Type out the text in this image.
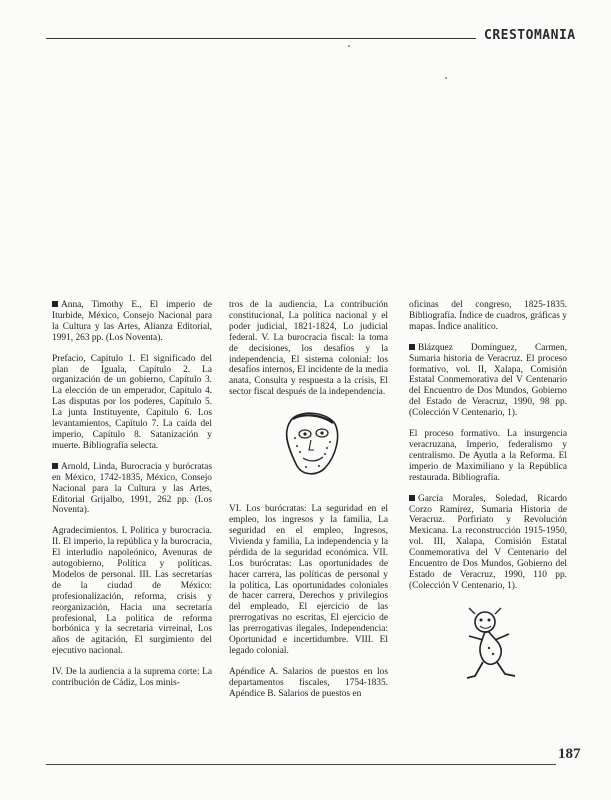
CRESTOMANIA

Anna, Timothy E., El imperio de Iturbide, México, Consejo Nacional para la Cultura y las Artes, Alianza Editorial, 1991, 263 pp. (Los Noventa).

Prefacio, Capítulo 1. El significado del plan de Iguala, Capítulo 2. La organización de un gobierno, Capítulo 3. La elección de un emperador, Capítulo 4. Las disputas por los poderes, Capítulo 5. La junta Instituyente, Capítulo 6. Los levantamientos, Capítulo 7. La caída del imperio, Capítulo 8. Satanización y muerte. Bibliografía selecta.

Arnold, Linda, Burocracia y burócratas en México, 1742-1835, México, Consejo Nacional para la Cultura y las Artes, Editorial Grijalbo, 1991, 262 pp. (Los Noventa).

Agradecimientos. I. Política y burocracia. II. El imperio, la república y la burocracia, El interludio napoleónico, Avenuras de autogobierno, Política y políticas. Modelos de personal. III. Las secretarías de la ciudad de México: profesionalización, reforma, crisis y reorganización, Hacia una secretaría profesional, La política de reforma borbónica y la secretaría virreinal, Los años de agitación, El surgimiento del ejecutivo nacional.

IV. De la audiencia a la suprema corte: La contribución de Cádiz, Los minis-

tros de la audiencia, La contribución constitucional, La política nacional y el poder judicial, 1821-1824, Lo judicial federal. V. La burocracia fiscal: la toma de decisiones, los desafíos y la independencia, El sistema colonial: los desafíos internos, El incidente de la media anata, Consulta y respuesta a la crisis, El sector fiscal después de la independencia.

VI. Los burócratas: La seguridad en el empleo, los ingresos y la familia, La seguridad en el empleo, Ingresos, Vivienda y familia, La independencia y la pérdida de la seguridad económica. VII. Los burócratas: Las oportunidades de hacer carrera, las políticas de personal y la política, Las oportunidades coloniales de hacer carrera, Derechos y privilegios del empleado, El ejercicio de las prerrogativas no escritas, El ejercicio de las prerrogativas ilegales, Independencia: Oportunidad e incertidumbre. VIII. El legado colonial.

Apéndice A. Salarios de puestos en los departamentos fiscales, 1754-1835. Apéndice B. Salarios de puestos en

oficinas del congreso, 1825-1835. Bibliografía. Índice de cuadros, gráficas y mapas. Índice analítico.

Blázquez Domínguez, Carmen, Sumaria historia de Veracruz. El proceso formativo, vol. II, Xalapa, Comisión Estatal Conmemorativa del V Centenario del Encuentro de Dos Mundos, Gobierno del Estado de Veracruz, 1990, 98 pp. (Colección V Centenario, 1).

El proceso formativo. La insurgencia veracruzana, Imperio, federalismo y centralismo. De Ayutla a la Reforma. El imperio de Maximiliano y la República restaurada. Bibliografía.

García Morales, Soledad, Ricardo Corzo Ramírez, Sumaria Historia de Veracruz. Porfiriato y Revolución Mexicana. La reconstrucción 1915-1950, vol. III, Xalapa, Comisión Estatal Conmemorativa del V Centenario del Encuentro de Dos Mundos, Gobierno del Estado de Veracruz, 1990, 110 pp. (Colección V Centenario, 1).

187
